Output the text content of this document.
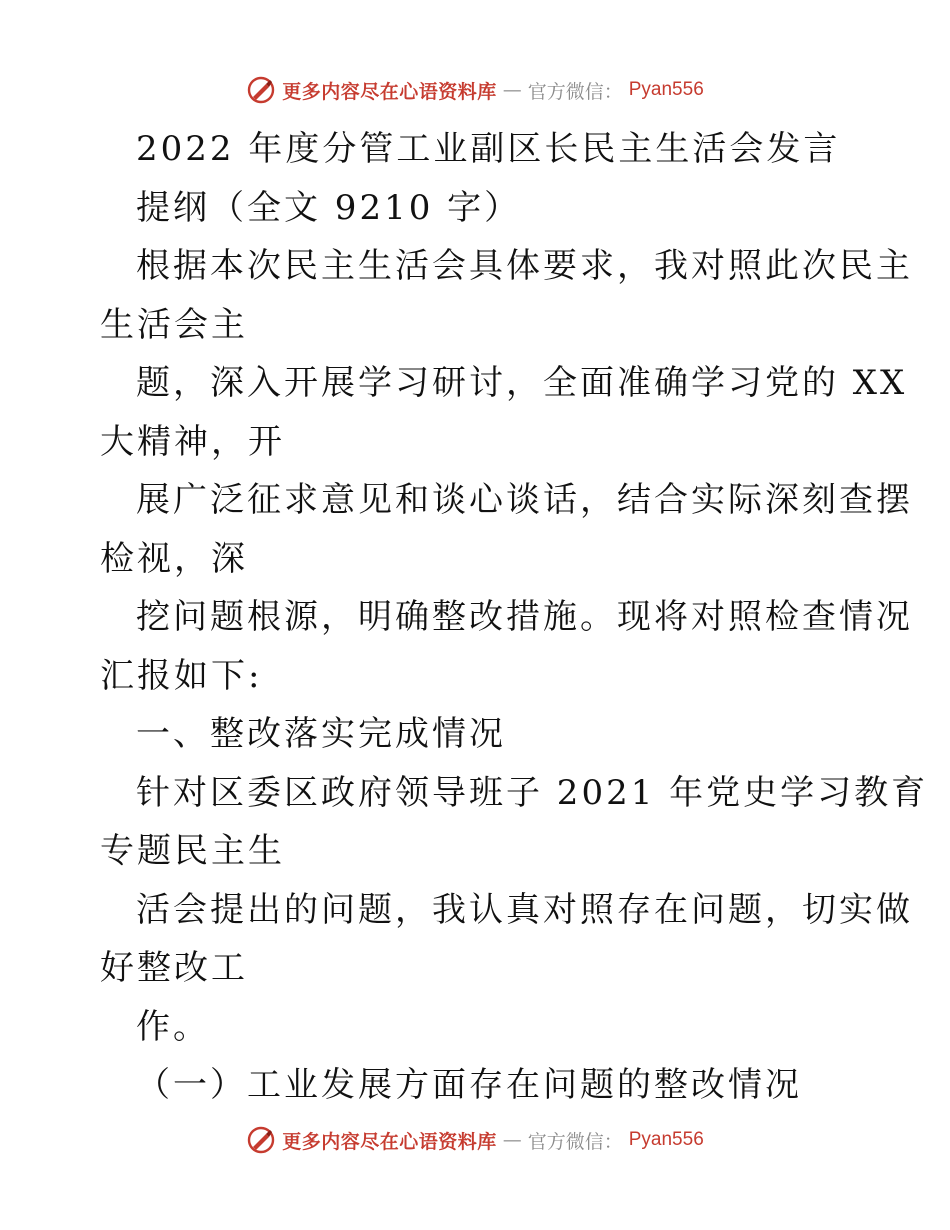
更多内容尽在心语资料库 — 官方微信： Pyan556
2022 年度分管工业副区长民主生活会发言
提纲（全文 9210 字）
根据本次民主生活会具体要求，我对照此次民主
生活会主
题，深入开展学习研讨，全面准确学习党的 XX
大精神，开
展广泛征求意见和谈心谈话，结合实际深刻查摆
检视，深
挖问题根源，明确整改措施。现将对照检查情况
汇报如下:
一、整改落实完成情况
针对区委区政府领导班子 2021 年党史学习教育
专题民主生
活会提出的问题，我认真对照存在问题，切实做
好整改工
作。
（一）工业发展方面存在问题的整改情况
更多内容尽在心语资料库 — 官方微信： Pyan556
